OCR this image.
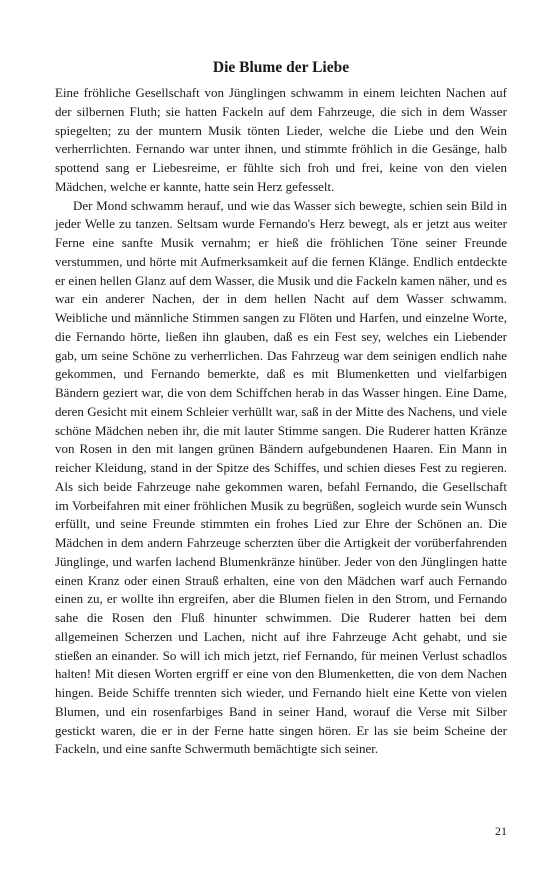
Die Blume der Liebe

Eine fröhliche Gesellschaft von Jünglingen schwamm in einem leichten Nachen auf der silbernen Fluth; sie hatten Fackeln auf dem Fahrzeuge, die sich in dem Wasser spiegelten; zu der muntern Musik tönten Lieder, welche die Liebe und den Wein verherrlichten. Fernando war unter ihnen, und stimmte fröhlich in die Gesänge, halb spottend sang er Liebesreime, er fühlte sich froh und frei, keine von den vielen Mädchen, welche er kannte, hatte sein Herz gefesselt.

Der Mond schwamm herauf, und wie das Wasser sich bewegte, schien sein Bild in jeder Welle zu tanzen. Seltsam wurde Fernando's Herz bewegt, als er jetzt aus weiter Ferne eine sanfte Musik vernahm; er hieß die fröhlichen Töne seiner Freunde verstummen, und hörte mit Aufmerksamkeit auf die fernen Klänge. Endlich entdeckte er einen hellen Glanz auf dem Wasser, die Musik und die Fackeln kamen näher, und es war ein anderer Nachen, der in dem hellen Nacht auf dem Wasser schwamm. Weibliche und männliche Stimmen sangen zu Flöten und Harfen, und einzelne Worte, die Fernando hörte, ließen ihn glauben, daß es ein Fest sey, welches ein Liebender gab, um seine Schöne zu verherrlichen. Das Fahrzeug war dem seinigen endlich nahe gekommen, und Fernando bemerkte, daß es mit Blumenketten und vielfarbigen Bändern geziert war, die von dem Schiffchen herab in das Wasser hingen. Eine Dame, deren Gesicht mit einem Schleier verhüllt war, saß in der Mitte des Nachens, und viele schöne Mädchen neben ihr, die mit lauter Stimme sangen. Die Ruderer hatten Kränze von Rosen in den mit langen grünen Bändern aufgebundenen Haaren. Ein Mann in reicher Kleidung, stand in der Spitze des Schiffes, und schien dieses Fest zu regieren. Als sich beide Fahrzeuge nahe gekommen waren, befahl Fernando, die Gesellschaft im Vorbeifahren mit einer fröhlichen Musik zu begrüßen, sogleich wurde sein Wunsch erfüllt, und seine Freunde stimmten ein frohes Lied zur Ehre der Schönen an. Die Mädchen in dem andern Fahrzeuge scherzten über die Artigkeit der vorüberfahrenden Jünglinge, und warfen lachend Blumenkränze hinüber. Jeder von den Jünglingen hatte einen Kranz oder einen Strauß erhalten, eine von den Mädchen warf auch Fernando einen zu, er wollte ihn ergreifen, aber die Blumen fielen in den Strom, und Fernando sahe die Rosen den Fluß hinunter schwimmen. Die Ruderer hatten bei dem allgemeinen Scherzen und Lachen, nicht auf ihre Fahrzeuge Acht gehabt, und sie stießen an einander. So will ich mich jetzt, rief Fernando, für meinen Verlust schadlos halten! Mit diesen Worten ergriff er eine von den Blumenketten, die von dem Nachen hingen. Beide Schiffe trennten sich wieder, und Fernando hielt eine Kette von vielen Blumen, und ein rosenfarbiges Band in seiner Hand, worauf die Verse mit Silber gestickt waren, die er in der Ferne hatte singen hören. Er las sie beim Scheine der Fackeln, und eine sanfte Schwermuth bemächtigte sich seiner.

21
